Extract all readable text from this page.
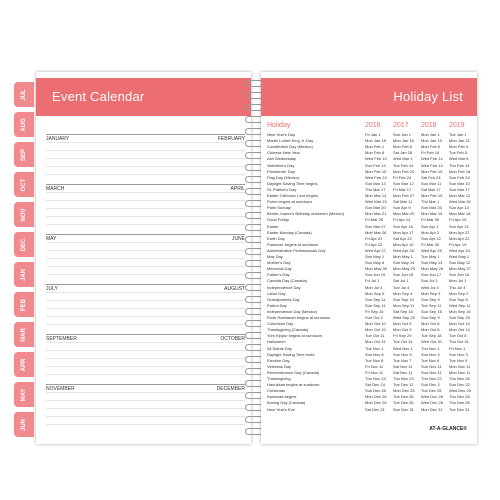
JUL
AUG
SEP
OCT
NOV
DEC
JAN
FEB
MAR
APR
MAY
JUN
Event Calendar
JANUARY	FEBRUARY
MARCH	APRIL
MAY	JUNE
JULY	AUGUST
SEPTEMBER	OCTOBER
NOVEMBER	DECEMBER
Holiday List
Holiday	2016 2017 2018 2019
New Year's Day	Fri Jan 1	Sun Jan 1 Mon Jan 1 Tue Jan 1
Martin Luther King Jr. Day	Mon Jan 18 Mon Jan 16 Mon Jan 15 Mon Jan 21
Constitution Day (Mexico)	Mon Feb 1 Mon Feb 6 Mon Feb 5 Mon Feb 4
Chinese New Year	Mon Feb 8 Sat Jan 28 Fri Feb 16 Tue Feb 5
Ash Wednesday	Wed Feb 10 Wed Mar 1 Wed Feb 14 Wed Mar 6
Valentine's Day	Sun Feb 14 Tue Feb 14 Wed Feb 14 Thu Feb 14
Presidents' Day	Mon Feb 15 Mon Feb 20 Mon Feb 19 Mon Feb 18
Flag Day (Mexico)	Wed Feb 24 Fri Feb 24 Sat Feb 24 Sun Feb 24
Daylight Saving Time begins	Sun Mar 13 Sun Mar 12 Sun Mar 11 Sun Mar 10
St. Patrick's Day	Thu Mar 17 Fri Mar 17 Sat Mar 17 Sun Mar 17
Easter Orthodox Lent begins	Mon Mar 14 Mon Feb 27 Mon Feb 19 Mon Mar 11
Purim begins at sundown	Wed Mar 23 Sat Mar 11 Thu Mar 1 Wed Mar 20
Palm Sunday	Sun Mar 20 Sun Apr 9	Sun Mar 25 Sun Apr 14
Benito Juarez's Birthday observed (Mexico)	Mon Mar 21 Mon Mar 20 Mon Mar 19 Mon Mar 18
Good Friday	Fri Mar 25 Fri Apr 14	Fri Mar 30 Fri Apr 19
Easter	Sun Mar 27 Sun Apr 16 Sun Apr 1	Sun Apr 21
Easter Monday (Canada)	Mon Mar 28 Mon Apr 17 Mon Apr 2 Mon Apr 22
Earth Day	Fri Apr 22	Sat Apr 22 Sun Apr 22 Mon Apr 22
Passover begins at sundown	Fri Apr 22	Mon Apr 10 Fri Mar 30 Fri Apr 19
Administrative Professionals Day	Wed Apr 27 Wed Apr 26 Wed Apr 25 Wed Apr 24
May Day	Sun May 1 Mon May 1 Tue May 1 Wed May 1
Mother's Day	Sun May 8 Sun May 14 Sun May 13 Sun May 12
Memorial Day	Mon May 30 Mon May 29 Mon May 28 Mon May 27
Father's Day	Sun Jun 19 Sun Jun 18 Sun Jun 17 Sun Jun 16
Canada Day (Canada)	Fri Jul 1	Sat Jul 1	Sun Jul 1	Mon Jul 1
Independence Day	Mon Jul 4	Tue Jul 4	Wed Jul 4	Thu Jul 4
Labor Day	Mon Sep 5 Mon Sep 4 Mon Sep 3 Mon Sep 2
Grandparents Day	Sun Sep 11 Sun Sep 10 Sun Sep 9 Sun Sep 8
Patriot Day	Sun Sep 11 Mon Sep 11 Tue Sep 11 Wed Sep 11
Independence Day (Mexico)	Fri Sep 16 Sat Sep 16 Sun Sep 16 Mon Sep 16
Rosh Hashanah begins at sundown	Sun Oct 2	Wed Sep 20 Sun Sep 9 Sun Sep 29
Columbus Day	Mon Oct 10 Mon Oct 9 Mon Oct 8 Mon Oct 14
Thanksgiving (Canada)	Mon Oct 10 Mon Oct 9 Mon Oct 8 Mon Oct 14
Yom Kippur begins at sundown	Tue Oct 11 Fri Sep 29 Tue Sep 18 Tue Oct 8
Halloween	Mon Oct 31 Tue Oct 31 Wed Oct 31 Thu Oct 31
All Saints Day	Tue Nov 1 Wed Nov 1 Thu Nov 1 Fri Nov 1
Daylight Saving Time ends	Sun Nov 6 Sun Nov 5 Sun Nov 4 Sun Nov 3
Election Day	Tue Nov 8 Tue Nov 7 Tue Nov 6 Tue Nov 5
Veterans Day	Fri Nov 11 Sat Nov 11 Sun Nov 11 Mon Nov 11
Remembrance Day (Canada)	Fri Nov 11 Sat Nov 11 Sun Nov 11 Mon Nov 11
Thanksgiving	Thu Nov 24 Thu Nov 23 Thu Nov 22 Thu Nov 28
Hanukkah begins at sundown	Sat Dec 24 Tue Dec 12 Sun Dec 2 Sun Dec 22
Christmas	Sun Dec 25 Mon Dec 25 Tue Dec 25 Wed Dec 25
Kwanzaa begins	Mon Dec 26 Tue Dec 26 Wed Dec 26 Thu Dec 26
Boxing Day (Canada)	Mon Dec 26 Tue Dec 26 Wed Dec 26 Thu Dec 26
New Year's Eve	Sat Dec 31 Sun Dec 31 Mon Dec 31 Tue Dec 31
AT-A-GLANCE®
